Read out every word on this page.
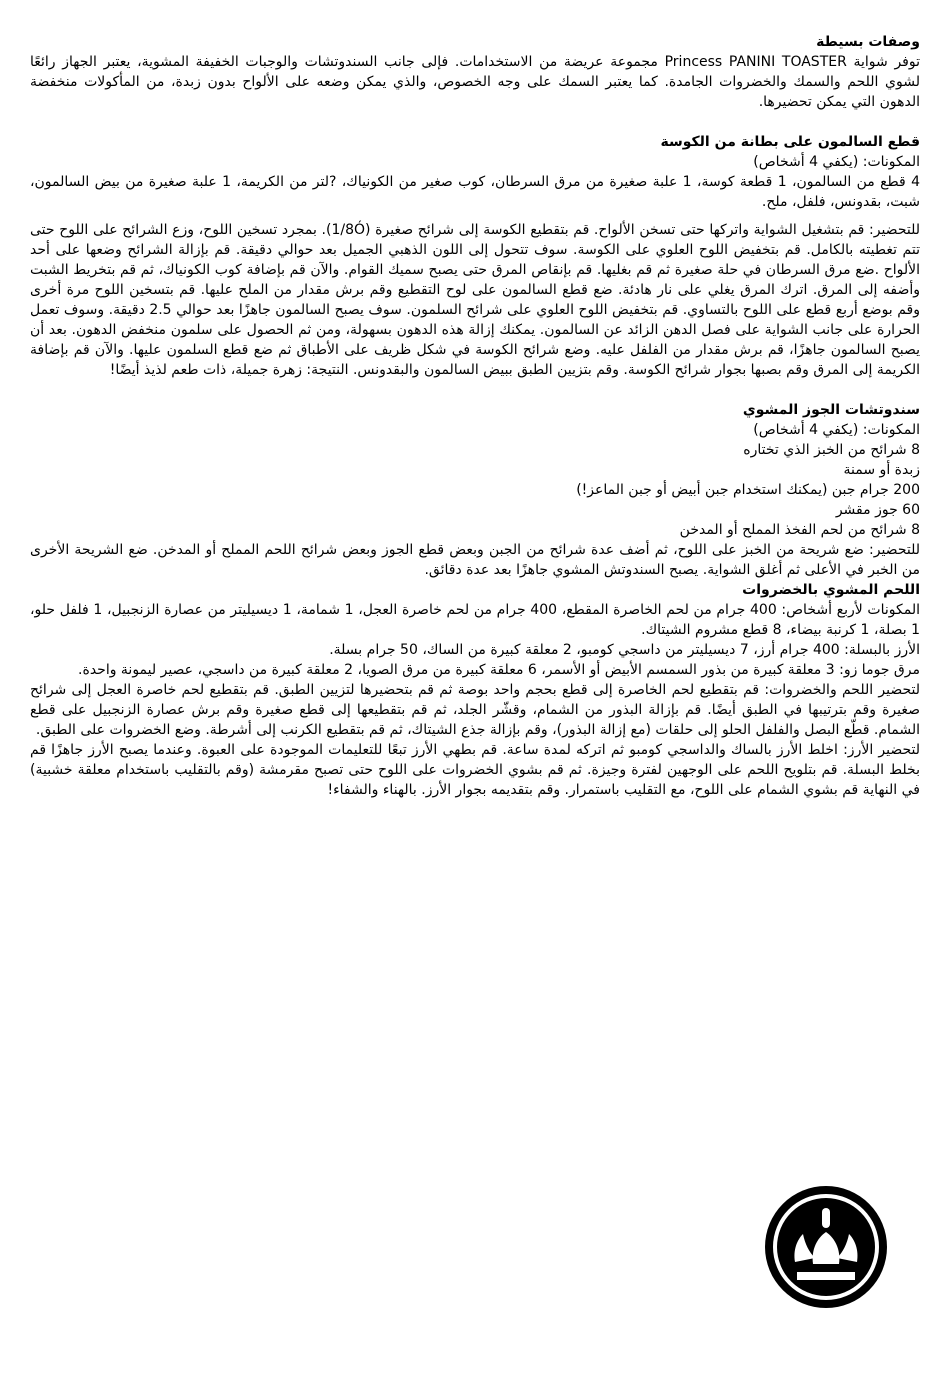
وصفات بسيطة

توفر شواية Princess PANINI TOASTER مجموعة عريضة من الاستخدامات. فإلى جانب السندوتشات والوجبات الخفيفة المشوية، يعتبر الجهاز رائعًا لشوي اللحم والسمك والخضروات الجامدة. كما يعتبر السمك على وجه الخصوص، والذي يمكن وضعه على الألواح بدون زبدة، من المأكولات منخفضة الدهون التي يمكن تحضيرها.

قطع السالمون على بطانة من الكوسة

المكونات: (يكفي 4 أشخاص)

4 قطع من السالمون، 1 قطعة كوسة، 1 علبة صغيرة من مرق السرطان، كوب صغير من الكونياك، ?لتر من الكريمة، 1 علبة صغيرة من بيض السالمون، شبت، بقدونس، فلفل، ملح.

للتحضير: قم بتشغيل الشواية واتركها حتى تسخن الألواح. قم بتقطيع الكوسة إلى شرائح صغيرة (1/8Ó). بمجرد تسخين اللوح، وزع الشرائح على اللوح حتى تتم تغطيته بالكامل. قم بتخفيض اللوح العلوي على الكوسة. سوف تتحول إلى اللون الذهبي الجميل بعد حوالي دقيقة. قم بإزالة الشرائح وضعها على أحد الألواح .ضع مرق السرطان في حلة صغيرة ثم قم بغليها. قم بإنقاص المرق حتى يصبح سميك القوام. والآن قم بإضافة كوب الكونياك، ثم قم بتخريط الشبت وأضفه إلى المرق. اترك المرق يغلي على نار هادئة. ضع قطع السالمون على لوح التقطيع وقم برش مقدار من الملح عليها. قم بتسخين اللوح مرة أخرى وقم بوضع أربع قطع على اللوح بالتساوي. قم بتخفيض اللوح العلوي على شرائح السلمون. سوف يصبح السالمون جاهزًا بعد حوالي 2.5 دقيقة. وسوف تعمل الحرارة على جانب الشواية على فصل الدهن الزائد عن السالمون. يمكنك إزالة هذه الدهون بسهولة، ومن ثم الحصول على سلمون منخفض الدهون. بعد أن يصبح السالمون جاهزًا، قم برش مقدار من الفلفل عليه. وضع شرائح الكوسة في شكل ظريف على الأطباق ثم ضع قطع السلمون عليها. والآن قم بإضافة الكريمة إلى المرق وقم بصبها بجوار شرائح الكوسة. وقم بتزيين الطبق ببيض السالمون والبقدونس. النتيجة: زهرة جميلة، ذات طعم لذيذ أيضًا!

سندوتشات الجوز المشوي

المكونات: (يكفي 4 أشخاص)

8 شرائح من الخبز الذي تختاره

زبدة أو سمنة

200 جرام جبن (يمكنك استخدام جبن أبيض أو جبن الماعز!)

60 جوز مقشر

8 شرائح من لحم الفخذ المملح أو المدخن

للتحضير: ضع شريحة من الخبز على اللوح، ثم أضف عدة شرائح من الجبن وبعض قطع الجوز وبعض شرائح اللحم المملح أو المدخن. ضع الشريحة الأخرى من الخبر في الأعلى ثم أغلق الشواية. يصبح السندوتش المشوي جاهزًا بعد عدة دقائق.

اللحم المشوي بالخضروات

المكونات لأربع أشخاص: 400 جرام من لحم الخاصرة المقطع، 400 جرام من لحم خاصرة العجل، 1 شمامة، 1 ديسيليتر من عصارة الزنجبيل، 1 فلفل حلو، 1 بصلة، 1 كرنبة بيضاء، 8 قطع مشروم الشيتاك.

الأرز بالبسلة: 400 جرام أرز، 7 ديسيليتر من داسجي كومبو، 2 معلقة كبيرة من الساك، 50 جرام بسلة.

مرق جوما زو: 3 معلقة كبيرة من بذور السمسم الأبيض أو الأسمر، 6 معلقة كبيرة من مرق الصويا، 2 معلقة كبيرة من داسجي، عصير ليمونة واحدة.

لتحضير اللحم والخضروات: قم بتقطيع لحم الخاصرة إلى قطع بحجم واحد بوصة ثم قم بتحضيرها لتزيين الطبق. قم بتقطيع لحم خاصرة العجل إلى شرائح صغيرة وقم بترتيبها في الطبق أيضًا. قم بإزالة البذور من الشمام، وقشّر الجلد، ثم قم بتقطيعها إلى قطع صغيرة وقم برش عصارة الزنجبيل على قطع الشمام. قطّع البصل والفلفل الحلو إلى حلقات (مع إزالة البذور)، وقم بإزالة جذع الشيتاك، ثم قم بتقطيع الكرنب إلى أشرطة. وضع الخضروات على الطبق.

لتحضير الأرز: اخلط الأرز بالساك والداسجي كومبو ثم اتركه لمدة ساعة. قم بطهي الأرز تبعًا للتعليمات الموجودة على العبوة. وعندما يصبح الأرز جاهزًا قم بخلط البسلة. قم بتلويح اللحم على الوجهين لفترة وجيزة. ثم قم بشوي الخضروات على اللوح حتى تصبح مقرمشة (وقم بالتقليب باستخدام معلقة خشبية) في النهاية قم بشوي الشمام على اللوح، مع التقليب باستمرار. وقم بتقديمه بجوار الأرز. بالهناء والشفاء!
